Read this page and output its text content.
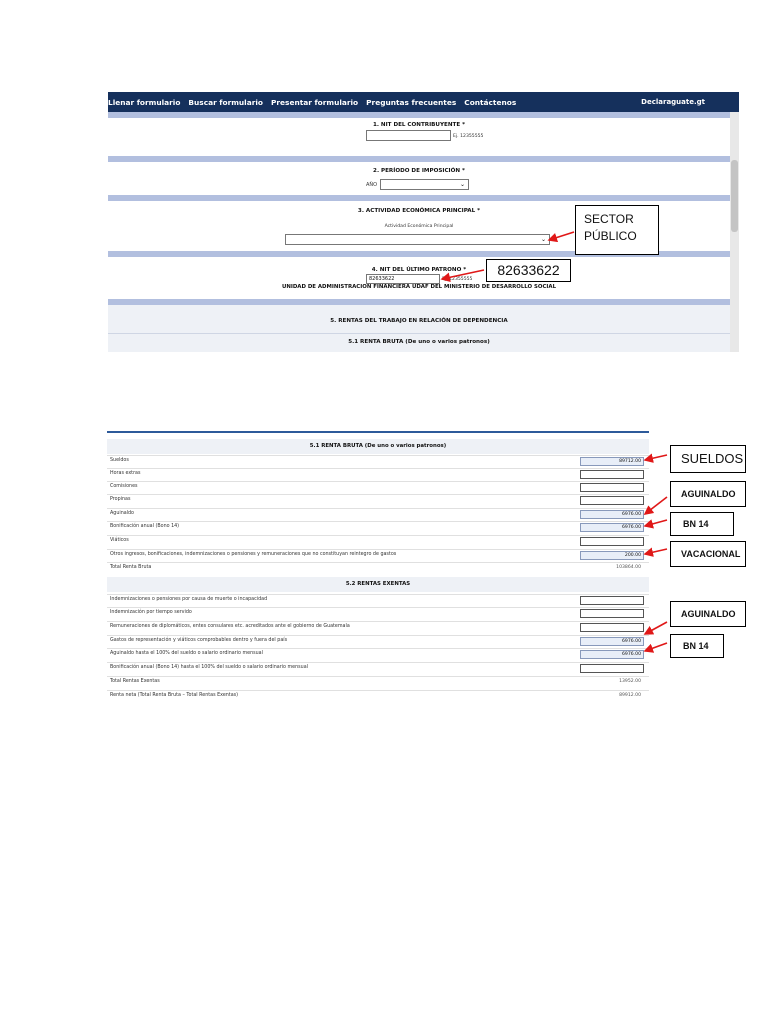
Llenar formulario Buscar formulario Presentar formulario Preguntas frecuentes Contáctenos	Declaraguate.gt
1. NIT DEL CONTRIBUYENTE *
Ej. 12355555
2. PERÍODO DE IMPOSICIÓN *
AÑO	⌄
3. ACTIVIDAD ECONÓMICA PRINCIPAL *
Actividad Económica Principal
⌄
4. NIT DEL ÚLTIMO PATRONO *
82633622	Ej. 12355555
UNIDAD DE ADMINISTRACION FINANCIERA UDAF DEL MINISTERIO DE DESARROLLO SOCIAL
5. RENTAS DEL TRABAJO EN RELACIÓN DE DEPENDENCIA
5.1 RENTA BRUTA (De uno o varios patronos)
5.1 RENTA BRUTA (De uno o varios patronos)
Sueldos	89712.00
Horas extras
Comisiones
Propinas
Aguinaldo	6976.00
Bonificación anual (Bono 14)	6976.00
Viáticos
Otros ingresos, bonificaciones, indemnizaciones o pensiones y remuneraciones que no constituyan reintegro de gastos	200.00
Total Renta Bruta	103864.00
5.2 RENTAS EXENTAS
Indemnizaciones o pensiones por causa de muerte o incapacidad
Indemnización por tiempo servido
Remuneraciones de diplomáticos, entes consulares etc. acreditados ante el gobierno de Guatemala
Gastos de representación y viáticos comprobables dentro y fuera del país	6976.00
Aguinaldo hasta el 100% del sueldo o salario ordinario mensual	6976.00
Bonificación anual (Bono 14) hasta el 100% del sueldo o salario ordinario mensual
Total Rentas Exentas	13952.00
Renta neta (Total Renta Bruta – Total Rentas Exentas)	89912.00
SECTOR
PÚBLICO
82633622
SUELDOS
AGUINALDO
BN 14
VACACIONAL
AGUINALDO
BN 14
